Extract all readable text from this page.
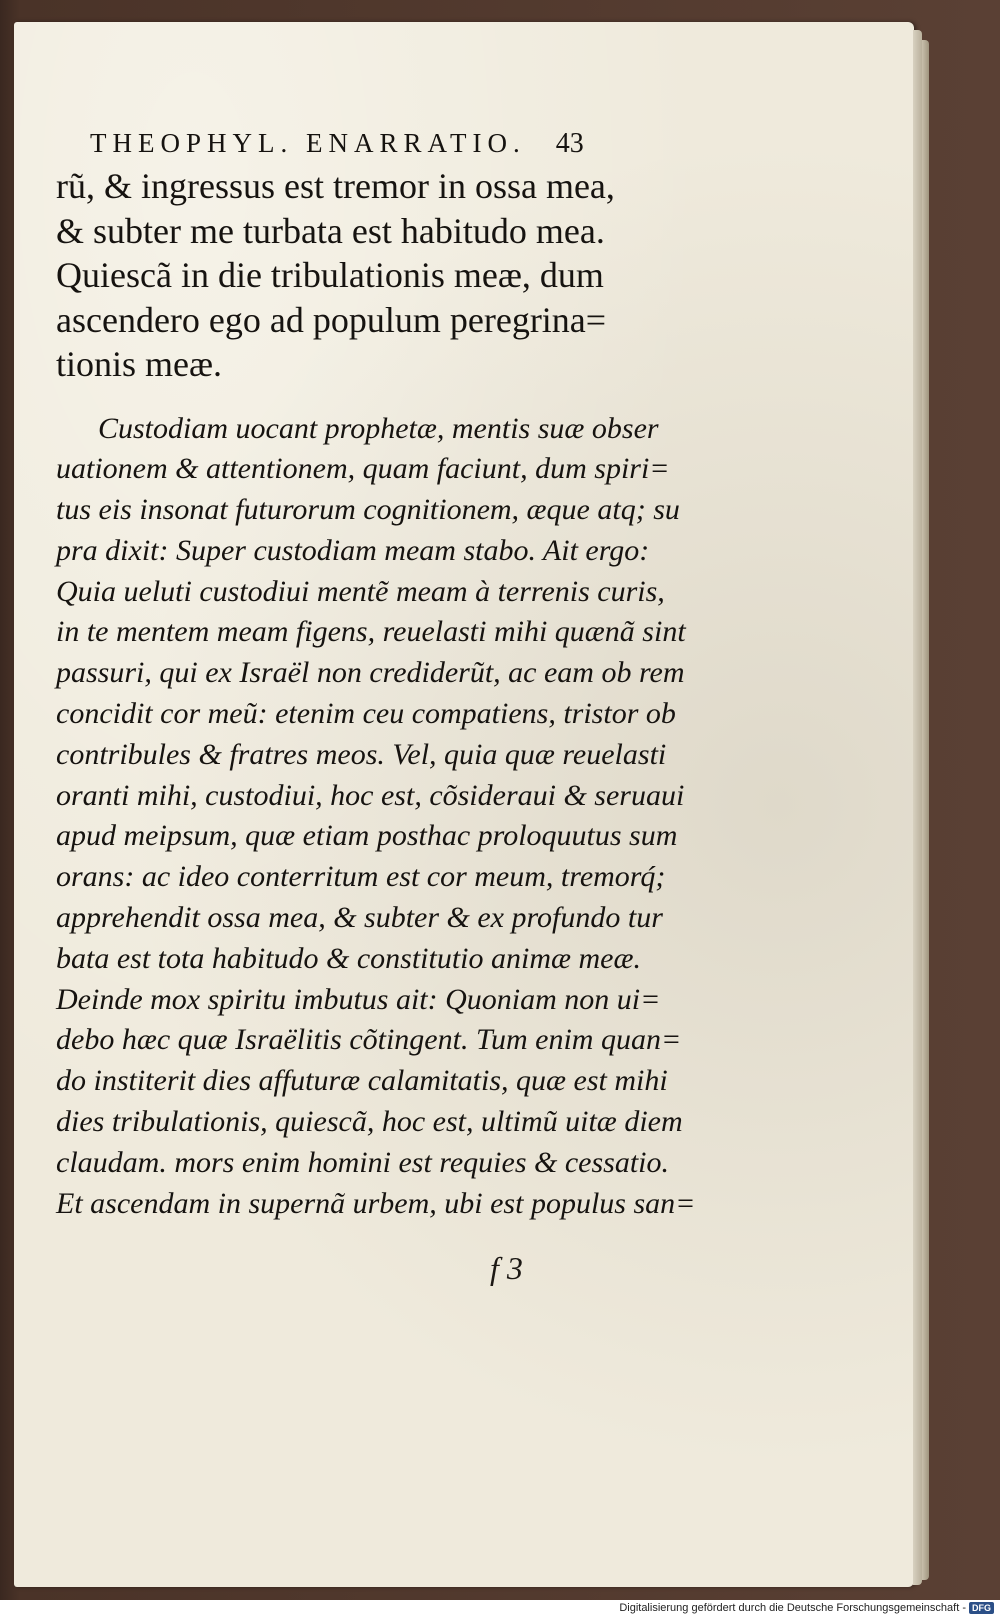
THEOPHYL. ENARRATIO. 43
rũ, & ingressus est tremor in ossa mea,
& subter me turbata est habitudo mea.
Quiescã in die tribulationis meæ, dum
ascendero ego ad populum peregrina=
tionis meæ.
Custodiam uocant prophetæ, mentis suæ obser
uationem & attentionem, quam faciunt, dum spiri=
tus eis insonat futurorum cognitionem, æque atq; su
pra dixit: Super custodiam meam stabo. Ait ergo:
Quia ueluti custodiui mentẽ meam à terrenis curis,
in te mentem meam figens, reuelasti mihi quænã sint
passuri, qui ex Israël non crediderũt, ac eam ob rem
concidit cor meũ: etenim ceu compatiens, tristor ob
contribules & fratres meos. Vel, quia quæ reuelasti
oranti mihi, custodiui, hoc est, cõsideraui & seruaui
apud meipsum, quæ etiam posthac proloquutus sum
orans: ac ideo conterritum est cor meum, tremorq́;
apprehendit ossa mea, & subter & ex profundo tur
bata est tota habitudo & constitutio animæ meæ.
Deinde mox spiritu imbutus ait: Quoniam non ui=
debo hæc quæ Israëlitis cõtingent. Tum enim quan=
do institerit dies affuturæ calamitatis, quæ est mihi
dies tribulationis, quiescã, hoc est, ultimũ uitæ diem
claudam. mors enim homini est requies & cessatio.
Et ascendam in supernã urbem, ubi est populus san=
f 3
Digitalisierung gefördert durch die Deutsche Forschungsgemeinschaft - DFG
